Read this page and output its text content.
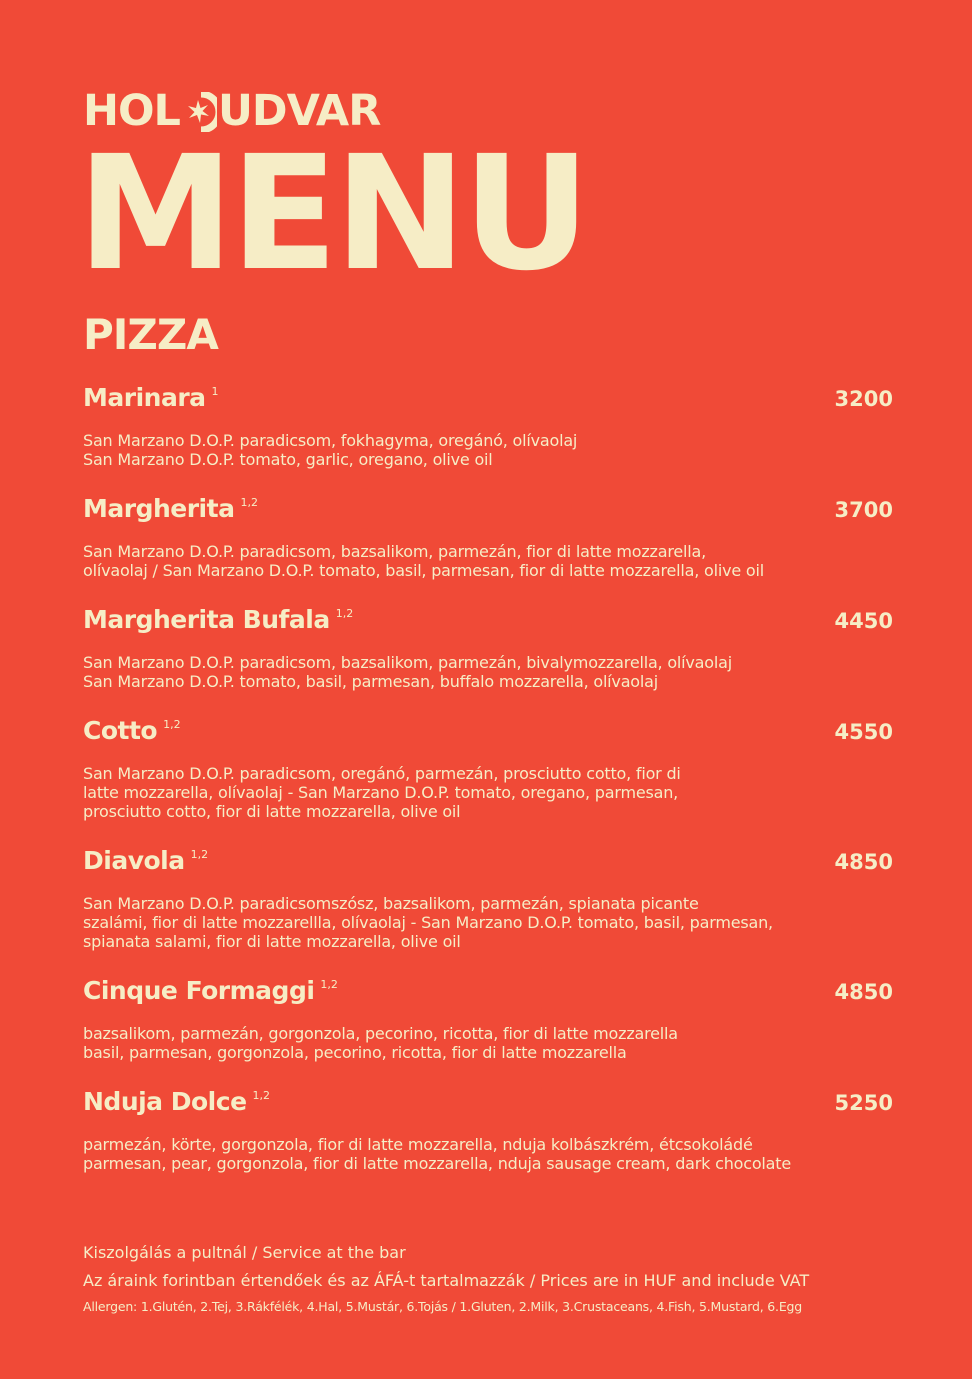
HOL UDVAR
MENU
PIZZA
Marinara $^1$	3200
San Marzano D.O.P. paradicsom, fokhagyma, oregánó, olívaolaj
San Marzano D.O.P. tomato, garlic, oregano, olive oil
Margherita $^{1,2}$	3700
San Marzano D.O.P. paradicsom, bazsalikom, parmezán, fior di latte mozzarella,
olívaolaj / San Marzano D.O.P. tomato, basil, parmesan, fior di latte mozzarella, olive oil
Margherita Bufala $^{1,2}$	4450
San Marzano D.O.P. paradicsom, bazsalikom, parmezán, bivalymozzarella, olívaolaj
San Marzano D.O.P. tomato, basil, parmesan, buffalo mozzarella, olívaolaj
Cotto $^{1,2}$	4550
San Marzano D.O.P. paradicsom, oregánó, parmezán, prosciutto cotto, fior di
latte mozzarella, olívaolaj - San Marzano D.O.P. tomato, oregano, parmesan,
prosciutto cotto, fior di latte mozzarella, olive oil
Diavola $^{1,2}$	4850
San Marzano D.O.P. paradicsomszósz, bazsalikom, parmezán, spianata picante
szalámi, fior di latte mozzarellla, olívaolaj - San Marzano D.O.P. tomato, basil, parmesan,
spianata salami, fior di latte mozzarella, olive oil
Cinque Formaggi $^{1,2}$	4850
bazsalikom, parmezán, gorgonzola, pecorino, ricotta, fior di latte mozzarella
basil, parmesan, gorgonzola, pecorino, ricotta, fior di latte mozzarella
Nduja Dolce $^{1,2}$	5250
parmezán, körte, gorgonzola, fior di latte mozzarella, nduja kolbászkrém, étcsokoládé
parmesan, pear, gorgonzola, fior di latte mozzarella, nduja sausage cream, dark chocolate
Kiszolgálás a pultnál / Service at the bar
Az áraink forintban értendőek és az ÁFÁ-t tartalmazzák / Prices are in HUF and include VAT
Allergen: 1.Glutén, 2.Tej, 3.Rákfélék, 4.Hal, 5.Mustár, 6.Tojás / 1.Gluten, 2.Milk, 3.Crustaceans, 4.Fish, 5.Mustard, 6.Egg
